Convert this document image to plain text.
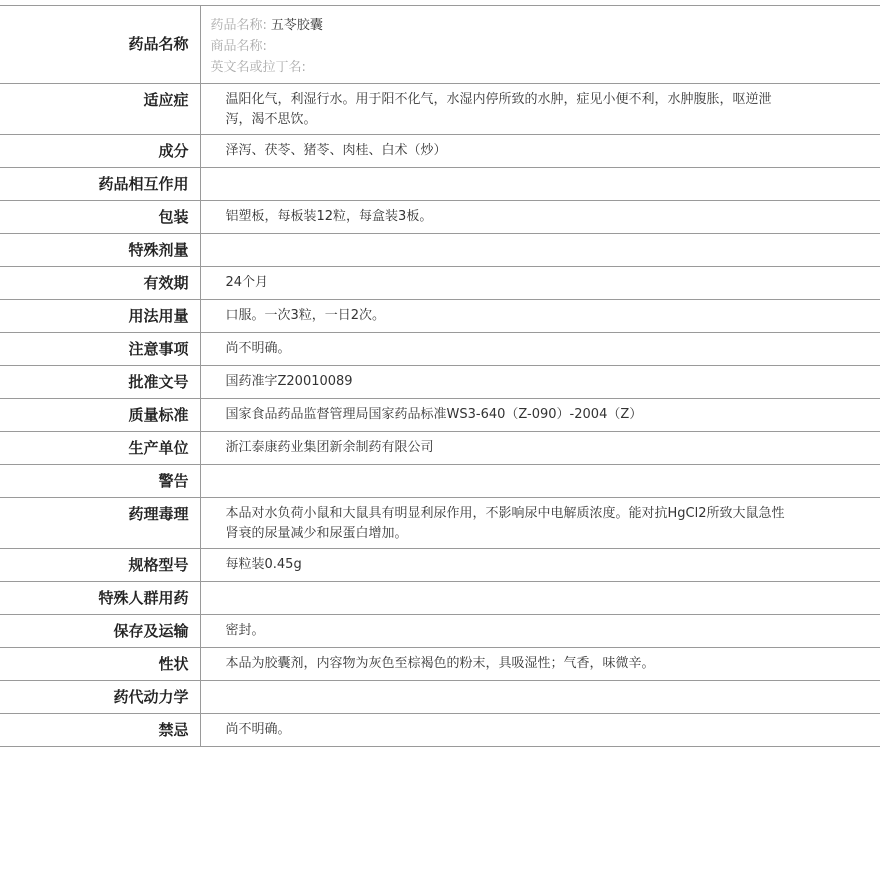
药品名称	药品名称: 五苓胶囊
商品名称:
英文名或拉丁名:

适应症	温阳化气，利湿行水。用于阳不化气，水湿内停所致的水肿，症见小便不利，水肿腹胀，呕逆泄泻，渴不思饮。

成分	泽泻、茯苓、猪苓、肉桂、白术（炒）
药品相互作用	
包装	铝塑板，每板装12粒，每盒装3板。
特殊剂量	
有效期	24个月
用法用量	口服。一次3粒，一日2次。
注意事项	尚不明确。
批准文号	国药准字Z20010089
质量标准	国家食品药品监督管理局国家药品标准WS3-640（Z-090）-2004（Z）
生产单位	浙江泰康药业集团新余制药有限公司
警告	
药理毒理	本品对水负荷小鼠和大鼠具有明显利尿作用，不影响尿中电解质浓度。能对抗HgCl2所致大鼠急性肾衰的尿量减少和尿蛋白增加。

规格型号	每粒装0.45g
特殊人群用药	
保存及运输	密封。
性状	本品为胶囊剂，内容物为灰色至棕褐色的粉末，具吸湿性；气香，味微辛。
药代动力学	
禁忌	尚不明确。
